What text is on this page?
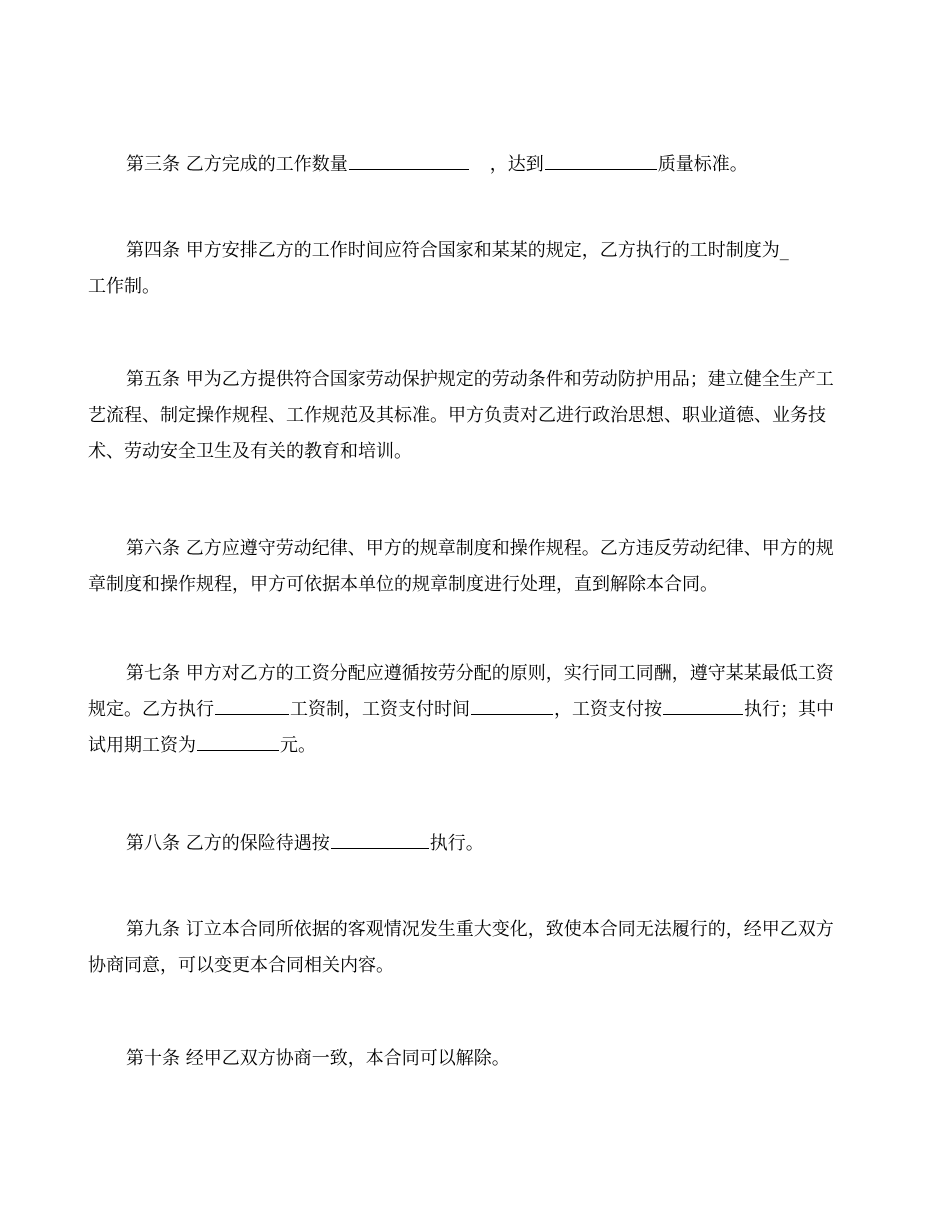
第三条 乙方完成的工作数量	，达到	质量标准。
第四条 甲方安排乙方的工作时间应符合国家和某某的规定，乙方执行的工时制度为_
工作制。
第五条 甲为乙方提供符合国家劳动保护规定的劳动条件和劳动防护用品；建立健全生产工
艺流程、制定操作规程、工作规范及其标准。甲方负责对乙进行政治思想、职业道德、业务技
术、劳动安全卫生及有关的教育和培训。
第六条 乙方应遵守劳动纪律、甲方的规章制度和操作规程。乙方违反劳动纪律、甲方的规
章制度和操作规程，甲方可依据本单位的规章制度进行处理，直到解除本合同。
第七条 甲方对乙方的工资分配应遵循按劳分配的原则，实行同工同酬，遵守某某最低工资
规定。乙方执行	工资制，工资支付时间	，工资支付按	执行；其中
试用期工资为	元。
第八条 乙方的保险待遇按	执行。
第九条 订立本合同所依据的客观情况发生重大变化，致使本合同无法履行的，经甲乙双方
协商同意，可以变更本合同相关内容。
第十条 经甲乙双方协商一致，本合同可以解除。
